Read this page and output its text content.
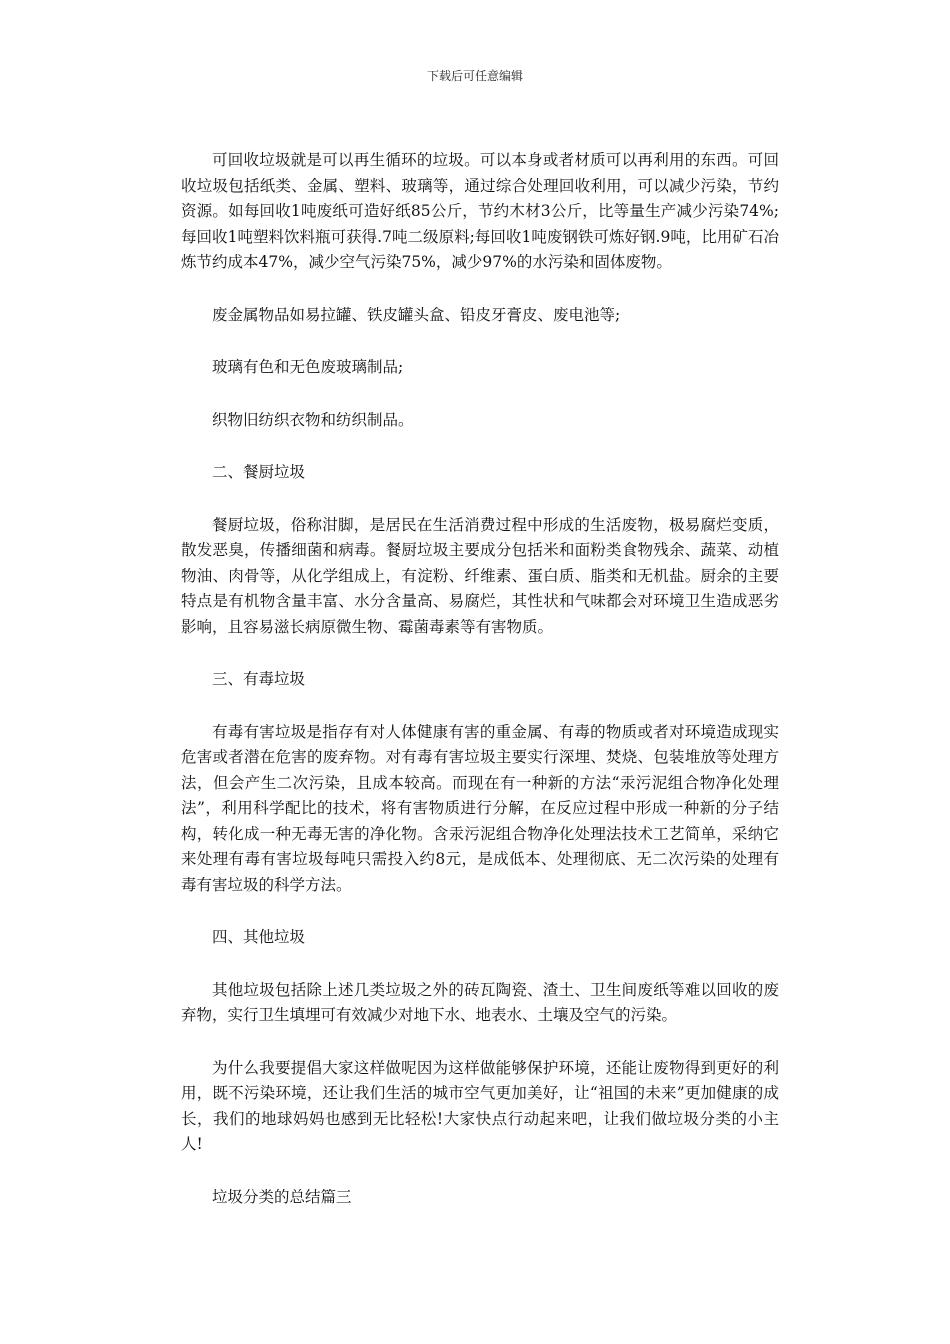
下载后可任意编辑

可回收垃圾就是可以再生循环的垃圾。可以本身或者材质可以再利用的东西。可回收垃圾包括纸类、金属、塑料、玻璃等，通过综合处理回收利用，可以减少污染，节约资源。如每回收1吨废纸可造好纸85公斤，节约木材3公斤，比等量生产减少污染74%;每回收1吨塑料饮料瓶可获得.7吨二级原料;每回收1吨废钢铁可炼好钢.9吨，比用矿石冶炼节约成本47%，减少空气污染75%，减少97%的水污染和固体废物。

废金属物品如易拉罐、铁皮罐头盒、铅皮牙膏皮、废电池等;

玻璃有色和无色废玻璃制品;

织物旧纺织衣物和纺织制品。

二、餐厨垃圾

餐厨垃圾，俗称泔脚，是居民在生活消费过程中形成的生活废物，极易腐烂变质，散发恶臭，传播细菌和病毒。餐厨垃圾主要成分包括米和面粉类食物残余、蔬菜、动植物油、肉骨等，从化学组成上，有淀粉、纤维素、蛋白质、脂类和无机盐。厨余的主要特点是有机物含量丰富、水分含量高、易腐烂，其性状和气味都会对环境卫生造成恶劣影响，且容易滋长病原微生物、霉菌毒素等有害物质。

三、有毒垃圾

有毒有害垃圾是指存有对人体健康有害的重金属、有毒的物质或者对环境造成现实危害或者潜在危害的废弃物。对有毒有害垃圾主要实行深埋、焚烧、包装堆放等处理方法，但会产生二次污染，且成本较高。而现在有一种新的方法“汞污泥组合物净化处理法”，利用科学配比的技术，将有害物质进行分解，在反应过程中形成一种新的分子结构，转化成一种无毒无害的净化物。含汞污泥组合物净化处理法技术工艺简单，采纳它来处理有毒有害垃圾每吨只需投入约8元，是成低本、处理彻底、无二次污染的处理有毒有害垃圾的科学方法。

四、其他垃圾

其他垃圾包括除上述几类垃圾之外的砖瓦陶瓷、渣土、卫生间废纸等难以回收的废弃物，实行卫生填埋可有效减少对地下水、地表水、土壤及空气的污染。

为什么我要提倡大家这样做呢因为这样做能够保护环境，还能让废物得到更好的利用，既不污染环境，还让我们生活的城市空气更加美好，让“祖国的未来”更加健康的成长，我们的地球妈妈也感到无比轻松!大家快点行动起来吧，让我们做垃圾分类的小主人!

垃圾分类的总结篇三
